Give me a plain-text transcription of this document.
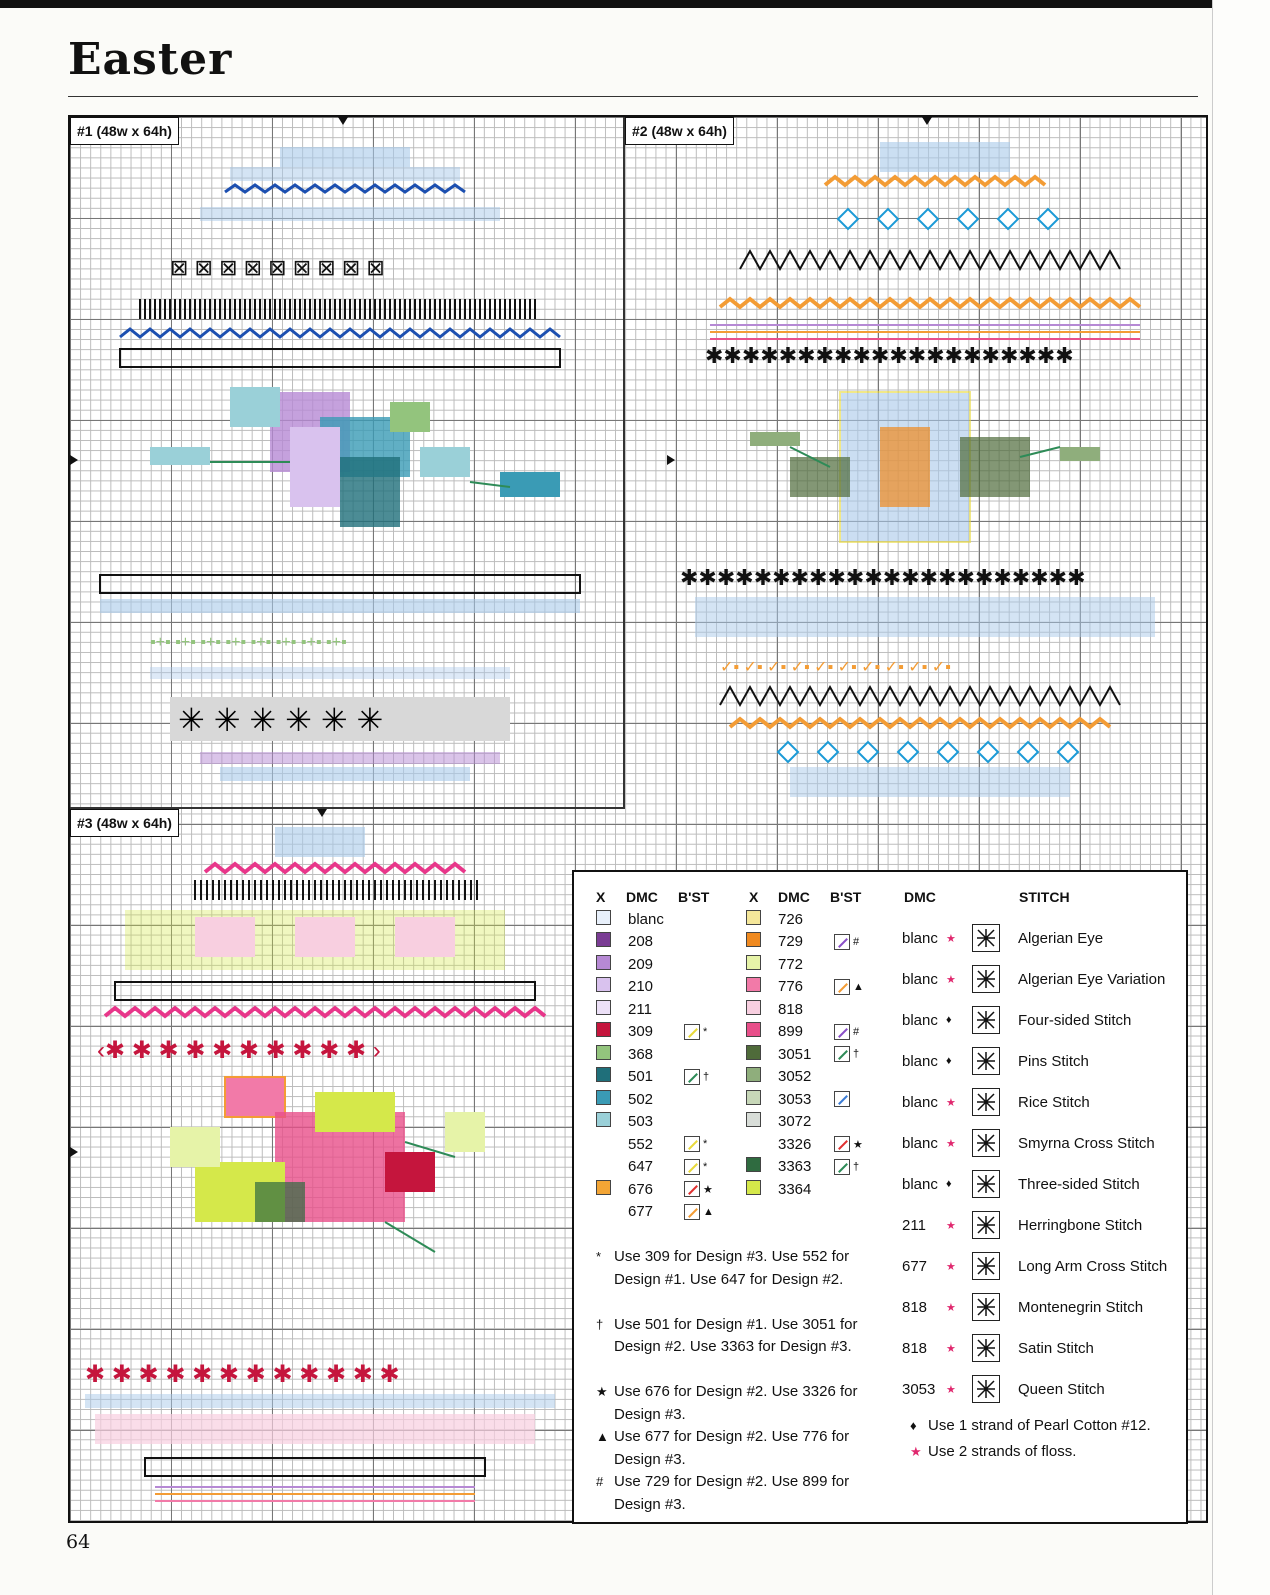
Easter
#1 (48w x 64h)	#2 (48w x 64h)
#3 (48w x 64h)
⊠ ⊠ ⊠ ⊠ ⊠ ⊠ ⊠ ⊠ ⊠
▪+▪ ▪+▪ ▪+▪ ▪+▪ ▪+▪ ▪+▪ ▪+▪ ▪+▪
✳ ✳ ✳ ✳ ✳ ✳
✱✱✱✱✱✱✱✱✱✱✱✱✱✱✱✱✱✱✱✱
✱✱✱✱✱✱✱✱✱✱✱✱✱✱✱✱✱✱✱✱✱✱
✓▪ ✓▪ ✓▪ ✓▪ ✓▪ ✓▪ ✓▪ ✓▪ ✓▪ ✓▪
‹✱ ✱ ✱ ✱ ✱ ✱ ✱ ✱ ✱ ✱ ›
✱ ✱ ✱ ✱ ✱ ✱ ✱ ✱ ✱ ✱ ✱ ✱
X DMC B'ST	X DMC B'ST	DMC	STITCH
blanc
208
209
210
211
309	*
368
501	†
502
503
552	*
647	*
676	★
677	▲
726
729	#
772
776	▲
818
899	#
3051	†
3052
3053
3072
3326	★
3363	†
3364
blanc ★	Algerian Eye
blanc ★	Algerian Eye Variation
blanc ♦	Four-sided Stitch
blanc ♦	Pins Stitch
blanc ★	Rice Stitch
blanc ★	Smyrna Cross Stitch
blanc ♦	Three-sided Stitch
211	★	Herringbone Stitch
677	★	Long Arm Cross Stitch
818	★	Montenegrin Stitch
818	★	Satin Stitch
3053 ★	Queen Stitch
* Use 309 for Design #3. Use 552 for Design #1. Use 647 for Design #2.
† Use 501 for Design #1. Use 3051 for Design #2. Use 3363 for Design #3.
★ Use 676 for Design #2. Use 3326 for Design #3.
▲ Use 677 for Design #2. Use 776 for Design #3.
# Use 729 for Design #2. Use 899 for Design #3.
♦ Use 1 strand of Pearl Cotton #12.
★ Use 2 strands of floss.
64
